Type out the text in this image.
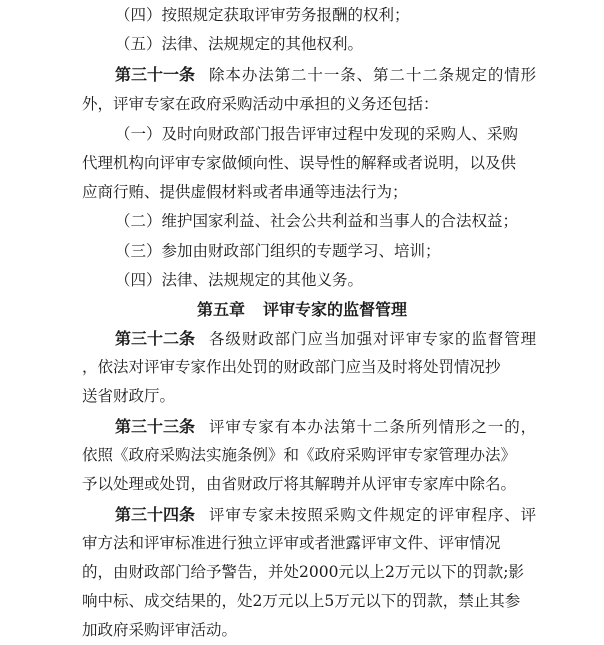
（四）按照规定获取评审劳务报酬的权利；
（五）法律、法规规定的其他权利。
第三十一条 除本办法第二十一条、第二十二条规定的情形
外，评审专家在政府采购活动中承担的义务还包括：
（一）及时向财政部门报告评审过程中发现的采购人、采购
代理机构向评审专家做倾向性、误导性的解释或者说明，以及供
应商行贿、提供虚假材料或者串通等违法行为；
（二）维护国家利益、社会公共利益和当事人的合法权益；
（三）参加由财政部门组织的专题学习、培训；
（四）法律、法规规定的其他义务。
第五章 评审专家的监督管理
第三十二条 各级财政部门应当加强对评审专家的监督管理
，依法对评审专家作出处罚的财政部门应当及时将处罚情况抄
送省财政厅。
第三十三条 评审专家有本办法第十二条所列情形之一的，
依照《政府采购法实施条例》和《政府采购评审专家管理办法》
予以处理或处罚，由省财政厅将其解聘并从评审专家库中除名。
第三十四条 评审专家未按照采购文件规定的评审程序、评
审方法和评审标准进行独立评审或者泄露评审文件、评审情况
的，由财政部门给予警告，并处2000元以上2万元以下的罚款;影
响中标、成交结果的，处2万元以上5万元以下的罚款，禁止其参
加政府采购评审活动。
